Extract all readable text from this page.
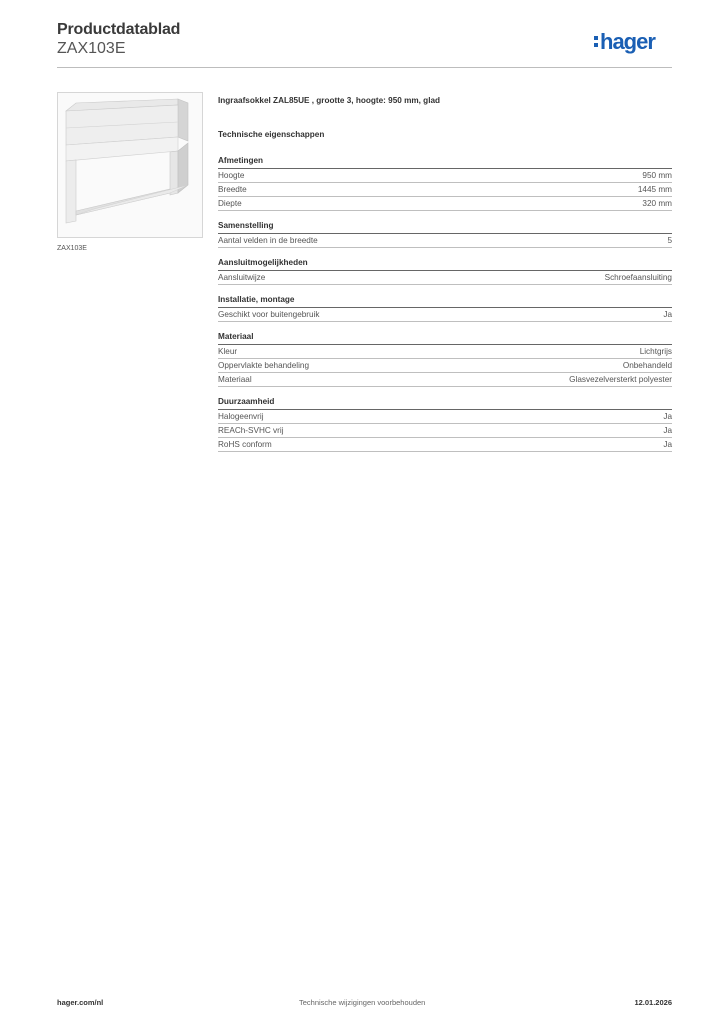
Productdatablad
ZAX103E	hager
ZAX103E
Ingraafsokkel ZAL85UE , grootte 3, hoogte: 950 mm, glad
Technische eigenschappen
Afmetingen
Hoogte	950 mm
Breedte	1445 mm
Diepte	320 mm
Samenstelling
Aantal velden in de breedte	5
Aansluitmogelijkheden
Aansluitwijze	Schroefaansluiting
Installatie, montage
Geschikt voor buitengebruik	Ja
Materiaal
Kleur	Lichtgrijs
Oppervlakte behandeling	Onbehandeld
Materiaal	Glasvezelversterkt polyester
Duurzaamheid
Halogeenvrij	Ja
REACh-SVHC vrij	Ja
RoHS conform	Ja
hager.com/nl	Technische wijzigingen voorbehouden	12.01.2026
